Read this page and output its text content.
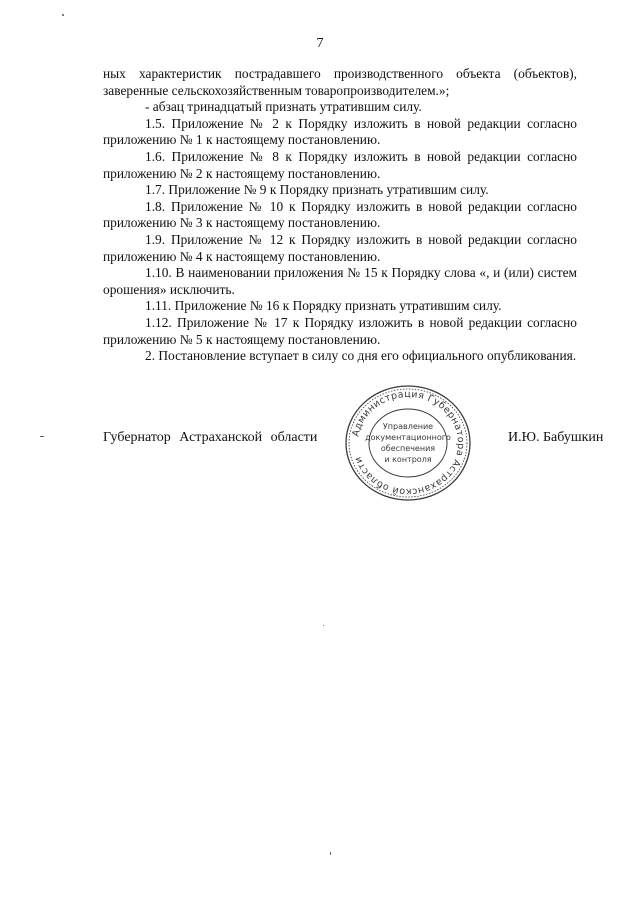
7

ных характеристик пострадавшего производственного объекта (объектов), заверенные сельскохозяйственным товаропроизводителем.»;

- абзац тринадцатый признать утратившим силу.

1.5. Приложение № 2 к Порядку изложить в новой редакции согласно приложению № 1 к настоящему постановлению.

1.6. Приложение № 8 к Порядку изложить в новой редакции согласно приложению № 2 к настоящему постановлению.

1.7. Приложение № 9 к Порядку признать утратившим силу.

1.8. Приложение № 10 к Порядку изложить в новой редакции согласно приложению № 3 к настоящему постановлению.

1.9. Приложение № 12 к Порядку изложить в новой редакции согласно приложению № 4 к настоящему постановлению.

1.10. В наименовании приложения № 15 к Порядку слова «, и (или) систем орошения» исключить.

1.11. Приложение № 16 к Порядку признать утратившим силу.

1.12. Приложение № 17 к Порядку изложить в новой редакции согласно приложению № 5 к настоящему постановлению.

2. Постановление вступает в силу со дня его официального опубликования.

Губернатор Астраханской области	Администрация Губернатора Астраханской области
Управление
документационного
обеспечения
и контроля
И.Ю. Бабушкин
